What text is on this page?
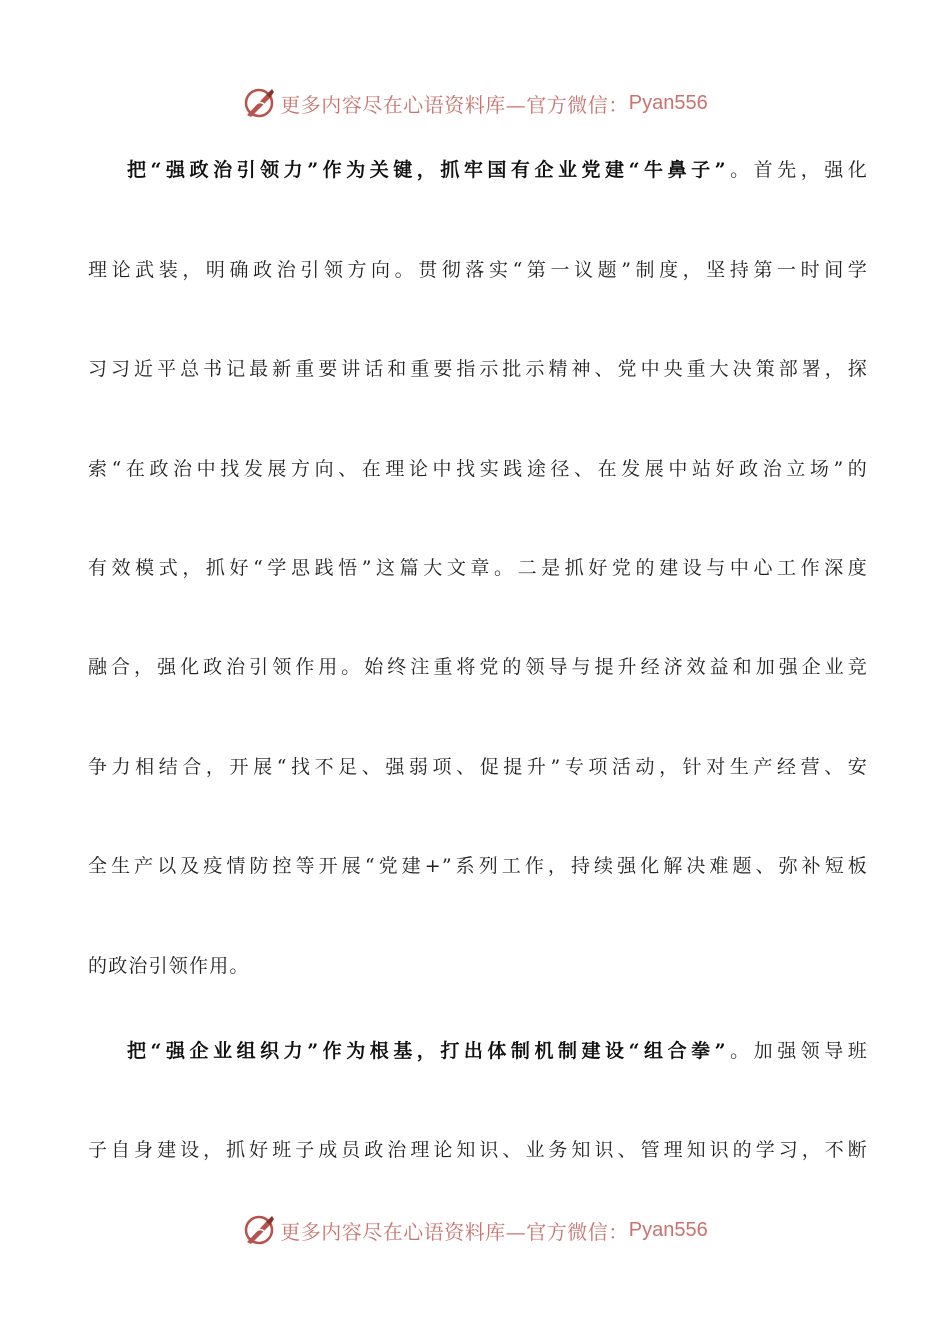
更多内容尽在心语资料库—官方微信： Pyan556
把“强政治引领力”作为关键，抓牢国有企业党建“牛鼻子”。首先，强化
理论武装，明确政治引领方向。贯彻落实“第一议题”制度，坚持第一时间学
习习近平总书记最新重要讲话和重要指示批示精神、党中央重大决策部署，探
索“在政治中找发展方向、在理论中找实践途径、在发展中站好政治立场”的
有效模式，抓好“学思践悟”这篇大文章。二是抓好党的建设与中心工作深度
融合，强化政治引领作用。始终注重将党的领导与提升经济效益和加强企业竞
争力相结合，开展“找不足、强弱项、促提升”专项活动，针对生产经营、安
全生产以及疫情防控等开展“党建+”系列工作，持续强化解决难题、弥补短板
的政治引领作用。
把“强企业组织力”作为根基，打出体制机制建设“组合拳”。加强领导班
子自身建设，抓好班子成员政治理论知识、业务知识、管理知识的学习，不断
更多内容尽在心语资料库—官方微信： Pyan556
